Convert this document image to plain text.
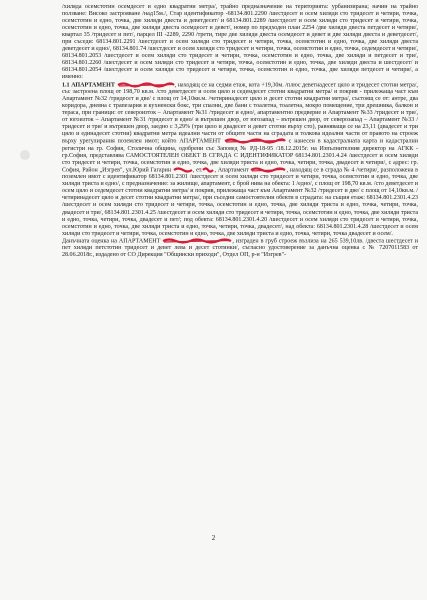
/хиляда осемстотин осемдесет и едно квадратни метра/, трайно предназначение на територията: урбанизирана; начин на трайно ползване: Високо застрояване /над15м./, Стар идентификатор -68134.801.2290 /шестдесет и осем хиляди сто тридесет и четири, точка, осемстотин и едно, точка, две хиляди двеста и деветдесет/ и 68134.801.2289 /шестдесет и осем хиляди сто тридесет и четири, точка, осемстотин и едно, точка, две хиляди двеста осемдесет и девет/, номер по предходен план 2254 /две хиляди двеста петдесет и четири/, квартал 35 /тридесет и пет/, парцел III -2289, 2290 /трети, тире две хиляди двеста осемдесет и девет и две хиляди двеста и деветдесет/, при съседи: 68134.801.2291 /шестдесет и осем хиляди сто тридесет и четири, точка, осемстотин и едно, точка, две хиляди двеста деветдесет и едно/, 68134.801.74 /шестдесет и осем хиляди сто тридесет и четири, точка, осемстотин и едно, точка, седемдесет и четири/, 68134.801.2053 /шестдесет и осем хиляди сто тридесет и четири, точка, осемстотин и едно, точка, две хиляди и петдесет и три/, 68134.801.2260 /шестдесет и осем хиляди сто тридесет и четири, точка, осемстотин и едно, точка, две хиляди двеста и шестдесет/ и 68134.801.2054 /шестдесет и осем хиляди сто тридесет и четири, точка, осемстотин и едно, точка, две хиляди петдесет и четири/, а именно:

1.1 АПАРТАМЕНТ	, находящ се на седми етаж, кота +19,30м. /плюс деветнадесет цяло и тридесет стотни метра/, със застроена площ от 198,70 кв.м. /сто деветдесет и осем цяло и седемдесет стотни квадратни метра/ и покрив - прилежаща част към Апартамент №32 /тридесет и две/ с площ от 14,10кв.м. /четиринадесет цяло и десет стотни квадратни метра/, състоящ се от: антре, два коридора, дневна с трапезария и кухненски бокс, три спални, две бани с тоалетна, тоалетна, мокро помещение, три дрешника, балкон и тераса, при граници: от североизток – Апартамент №31 /тридесет и едно/, апартаментно предверие и Апартамент №33 /тридесет и три/, от югоизток – Апартамент №31 /тридесет и едно/ и вътрешен двор, от югозапад – вътрешен двор, от северозапад – Апартамент №33 /тридесет и три/ и вътрешен двор, заедно с 3,29% (три цяло и двадесет и девет стотни върху сто), равняващи се на 23,11 (двадесет и три цяло и единадесет стотни) квадратни метра идеални части от общите части на сградата и толкова идеални части от правото на строеж върху урегулирания поземлен имот; който АПАРТАМЕНТ	с нанесен в кадастралната карта и кадастрални регистри на гр. София, Столична община, одобрени със Заповед № РД-18-95 /18.12.2015г. на Изпълнителния директор на АГКК - гр.София, представлява САМОСТОЯТЕЛЕН ОБЕКТ В СГРАДА С ИДЕНТИФИКАТОР 68134.801.2301.4.24 /шестдесет и осем хиляди сто тридесет и четири, точка, осемстотин и едно, точка, две хиляди триста и едно, точка, четири, точка, двадесет и четири/, с адрес: гр. София, Район „Изгрев", ул.Юрий Гагарин	, ет. , Апартамент	, находящ се в сграда № 4 /четири/, разположена в поземлен имот с идентификатор 68134.801.2301 /шестдесет и осем хиляди сто тридесет и четири, точка, осемстотин и едно, точка, две хиляди триста и едно/, с предназначение: за жилище, апартамент, с брой нива на обекта: 1 /едно/, с площ от 198,70 кв.м. /сто деветдесет и осем цяло и седемдесет стотни квадратни метра/ и покрив, прилежаща част към Апартамент №32 /тридесет и две/ с площ от 14,10кв.м. /четиринадесет цяло и десет стотни квадратни метра/, при съседни самостоятелни обекти в сградата: на същия етаж: 68134.801.2301.4.23 /шестдесет и осем хиляди сто тридесет и четири, точка, осемстотин и едно, точка, две хиляди триста и едно, точка, четири, точка, двадесет и три/, 68134.801.2301.4.25 /шестдесет и осем хиляди сто тридесет и четири, точка, осемстотин и едно, точка, две хиляди триста и едно, точка, четири, точка, двадесет и пет/; под обекта: 68134.801.2301.4.20 /шестдесет и осем хиляди сто тридесет и четири, точка, осемстотин и едно, точка, две хиляди триста и едно, точка, четири, точка, двадесет/, над обекта: 68134.801.2301.4.28 /шестдесет и осем хиляди сто тридесет и четири, точка, осемстотин и едно, точка, две хиляди триста и едно, точка, четири, точка двадесет и осем/.

Данъчната оценка на АПАРТАМЕНТ	, изграден в груб строеж възлиза на 265 539,10лв. /двеста шестдесет и пет хиляди петстотин тридесет и девет лева и десет стотинки/, съгласно удостоверение за данъчна оценка с № 7207011583 от 28.06.2018г., издадено от СО Дирекция "Общински приходи", Отдел ОП, р-н "Изгрев"-

2
